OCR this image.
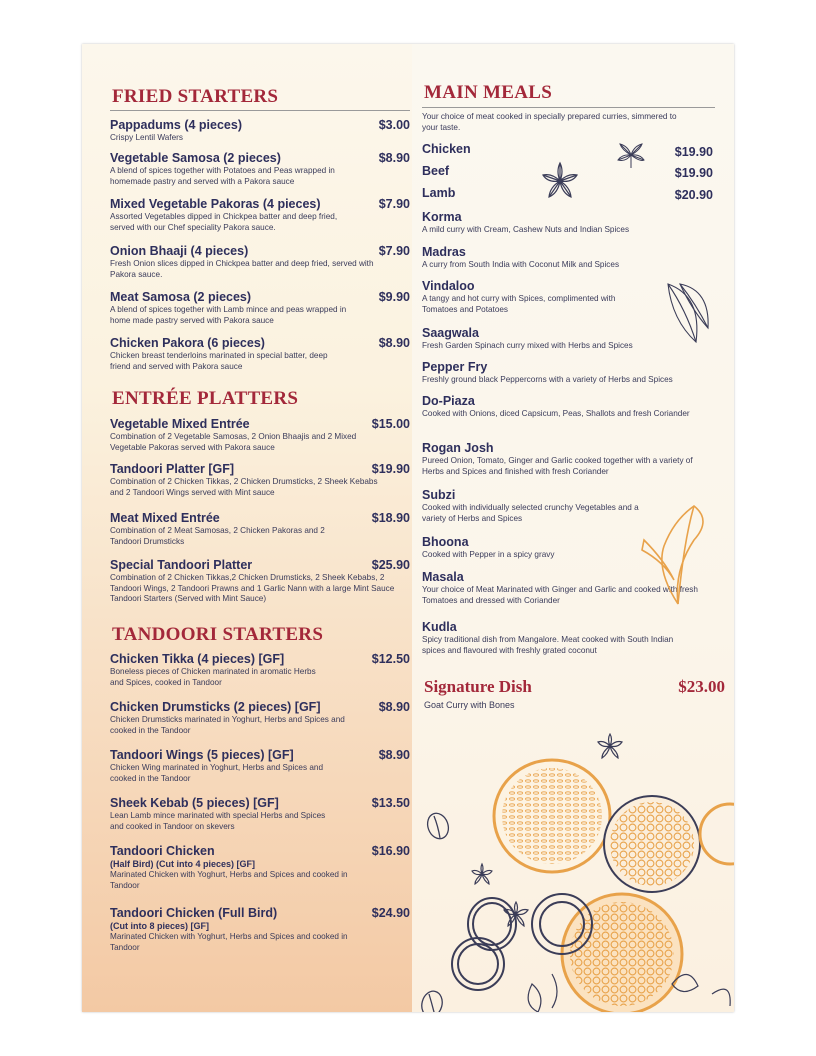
FRIED STARTERS
Pappadums (4 pieces)	$3.00
Crispy Lentil Wafers
Vegetable Samosa (2 pieces)	$8.90
A blend of spices together with Potatoes and Peas wrapped in homemade pastry and served with a Pakora sauce
Mixed Vegetable Pakoras (4 pieces)	$7.90
Assorted Vegetables dipped in Chickpea batter and deep fried, served with our Chef speciality Pakora sauce.
Onion Bhaaji (4 pieces)	$7.90
Fresh Onion slices dipped in Chickpea batter and deep fried, served with Pakora sauce.
Meat Samosa (2 pieces)	$9.90
A blend of spices together with Lamb mince and peas wrapped in home made pastry served with Pakora sauce
Chicken Pakora (6 pieces)	$8.90
Chicken breast tenderloins marinated in special batter, deep friend and served with Pakora sauce
ENTRÉE PLATTERS
Vegetable Mixed Entrée	$15.00
Combination of 2 Vegetable Samosas, 2 Onion Bhaajis and 2 Mixed Vegetable Pakoras served with Pakora sauce
Tandoori Platter [GF]	$19.90
Combination of 2 Chicken Tikkas, 2 Chicken Drumsticks, 2 Sheek Kebabs and 2 Tandoori Wings served with Mint sauce
Meat Mixed Entrée	$18.90
Combination of 2 Meat Samosas, 2 Chicken Pakoras and 2 Tandoori Drumsticks
Special Tandoori Platter	$25.90
Combination of 2 Chicken Tikkas,2 Chicken Drumsticks, 2 Sheek Kebabs, 2 Tandoori Wings, 2 Tandoori Prawns and 1 Garlic Nann with a large Mint Sauce Tandoori Starters (Served with Mint Sauce)
TANDOORI STARTERS
Chicken Tikka (4 pieces) [GF]	$12.50
Boneless pieces of Chicken marinated in aromatic Herbs and Spices, cooked in Tandoor
Chicken Drumsticks (2 pieces) [GF]	$8.90
Chicken Drumsticks marinated in Yoghurt, Herbs and Spices and cooked in the Tandoor
Tandoori Wings (5 pieces) [GF]	$8.90
Chicken Wing marinated in Yoghurt, Herbs and Spices and cooked in the Tandoor
Sheek Kebab (5 pieces) [GF]	$13.50
Lean Lamb mince marinated with special Herbs and Spices and cooked in Tandoor on skevers
Tandoori Chicken	$16.90
(Half Bird) (Cut into 4 pieces) [GF]
Marinated Chicken with Yoghurt, Herbs and Spices and cooked in Tandoor
Tandoori Chicken (Full Bird)	$24.90
(Cut into 8 pieces) [GF]
Marinated Chicken with Yoghurt, Herbs and Spices and cooked in Tandoor
MAIN MEALS
Your choice of meat cooked in specially prepared curries, simmered to your taste.
Chicken	$19.90
Beef	$19.90
Lamb	$20.90
Korma
A mild curry with Cream, Cashew Nuts and Indian Spices
Madras
A curry from South India with Coconut Milk and Spices
Vindaloo
A tangy and hot curry with Spices, complimented with Tomatoes and Potatoes
Saagwala
Fresh Garden Spinach curry mixed with Herbs and Spices
Pepper Fry
Freshly ground black Peppercorns with a variety of Herbs and Spices
Do-Piaza
Cooked with Onions, diced Capsicum, Peas, Shallots and fresh Coriander
Rogan Josh
Pureed Onion, Tomato, Ginger and Garlic cooked together with a variety of Herbs and Spices and finished with fresh Coriander
Subzi
Cooked with individually selected crunchy Vegetables and a variety of Herbs and Spices
Bhoona
Cooked with Pepper in a spicy gravy
Masala
Your choice of Meat Marinated with Ginger and Garlic and cooked with fresh Tomatoes and dressed with Coriander
Kudla
Spicy traditional dish from Mangalore. Meat cooked with South Indian spices and flavoured with freshly grated coconut
Signature Dish	$23.00
Goat Curry with Bones
